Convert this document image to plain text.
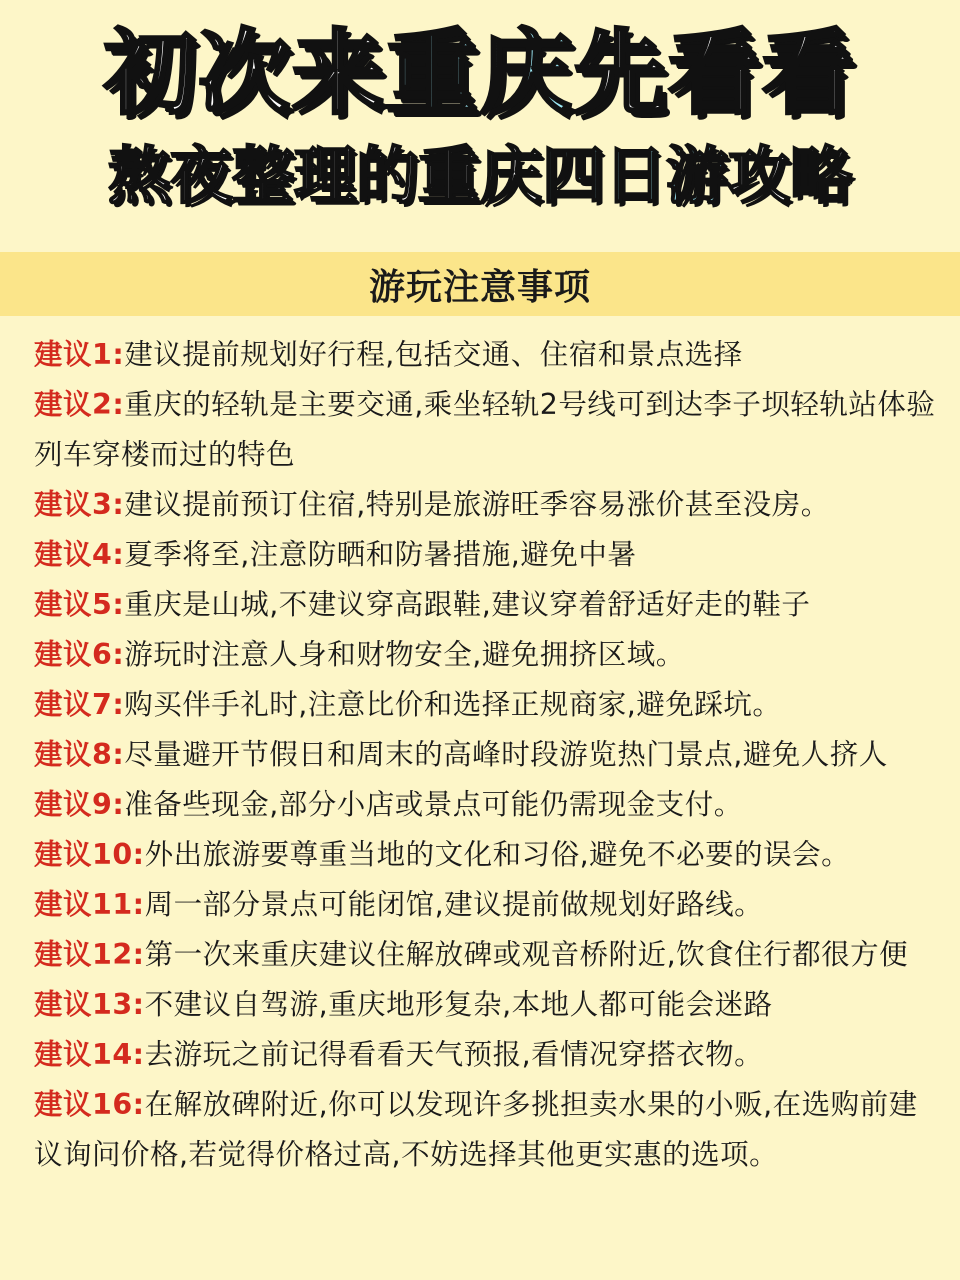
初次来重庆先看看
熬夜整理的重庆四日游攻略
游玩注意事项
建议1:建议提前规划好行程,包括交通、住宿和景点选择
建议2:重庆的轻轨是主要交通,乘坐轻轨2号线可到达李子坝轻轨站体验列车穿楼而过的特色
建议3:建议提前预订住宿,特别是旅游旺季容易涨价甚至没房。
建议4:夏季将至,注意防晒和防暑措施,避免中暑
建议5:重庆是山城,不建议穿高跟鞋,建议穿着舒适好走的鞋子
建议6:游玩时注意人身和财物安全,避免拥挤区域。
建议7:购买伴手礼时,注意比价和选择正规商家,避免踩坑。
建议8:尽量避开节假日和周末的高峰时段游览热门景点,避免人挤人
建议9:准备些现金,部分小店或景点可能仍需现金支付。
建议10:外出旅游要尊重当地的文化和习俗,避免不必要的误会。
建议11:周一部分景点可能闭馆,建议提前做规划好路线。
建议12:第一次来重庆建议住解放碑或观音桥附近,饮食住行都很方便
建议13:不建议自驾游,重庆地形复杂,本地人都可能会迷路
建议14:去游玩之前记得看看天气预报,看情况穿搭衣物。
建议16:在解放碑附近,你可以发现许多挑担卖水果的小贩,在选购前建议询问价格,若觉得价格过高,不妨选择其他更实惠的选项。
